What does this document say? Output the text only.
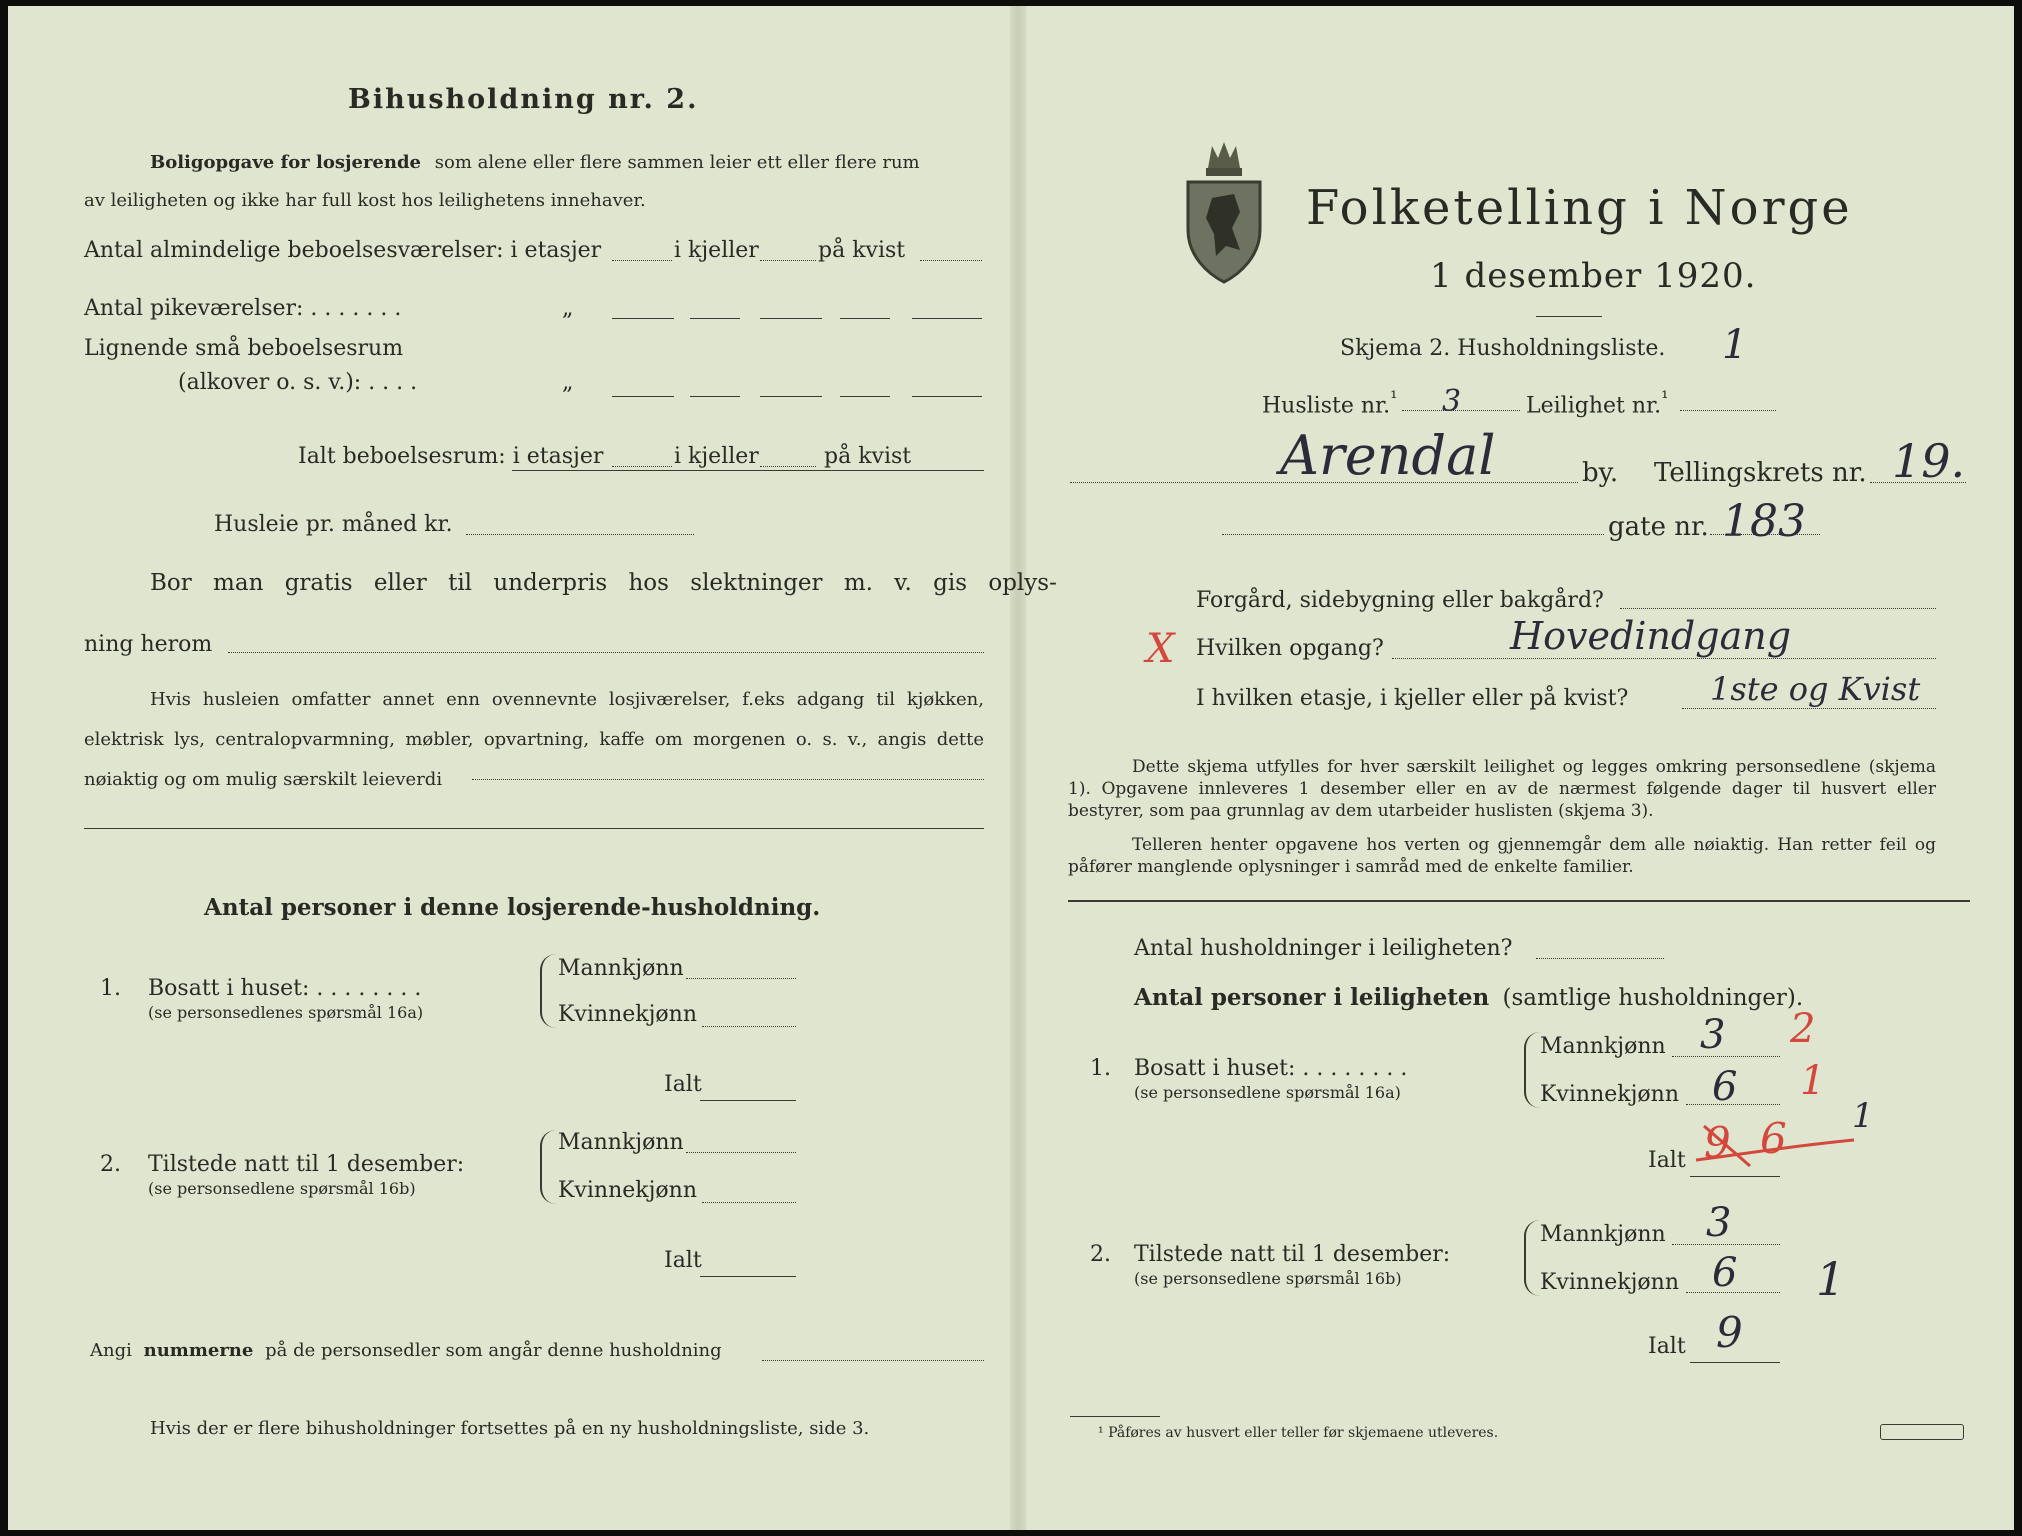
Bihusholdning nr. 2.
Boligopgave for losjerende som alene eller flere sammen leier ett eller flere rum
av leiligheten og ikke har full kost hos leilighetens innehaver.
Antal almindelige beboelsesværelser: i etasjer	i kjeller	på kvist
Antal pikeværelser: . . . . . . .	„
Lignende små beboelsesrum
(alkover o. s. v.): . . . .	„
Ialt beboelsesrum: i etasjer	i kjeller	på kvist
Husleie pr. måned kr.
Bor man gratis eller til underpris hos slektninger m. v. gis oplys-
ning herom
Hvis husleien omfatter annet enn ovennevnte losjiværelser, f.eks adgang til kjøkken, elektrisk lys, centralopvarmning, møbler, opvartning, kaffe om morgenen o. s. v., angis dette nøiaktig og om mulig særskilt leieverdi
Antal personer i denne losjerende-husholdning.
1. Bosatt i huset: . . . . . . . .
(se personsedlenes spørsmål 16a)
Mannkjønn
Kvinnekjønn
Ialt
2. Tilstede natt til 1 desember:
(se personsedlene spørsmål 16b)
Mannkjønn
Kvinnekjønn
Ialt
Angi nummerne på de personsedler som angår denne husholdning
Hvis der er flere bihusholdninger fortsettes på en ny husholdningsliste, side 3.
Folketelling i Norge
1 desember 1920.
Skjema 2. Husholdningsliste. 1
Husliste nr.$^{^1}$ 3	Leilighet nr.$^{^1}$
Arendal	by. Tellingskrets nr. 19.
gate nr. 183
Forgård, sidebygning eller bakgård?
X Hvilken opgang?	Hovedindgang
I hvilken etasje, i kjeller eller på kvist?	1ste og Kvist
Dette skjema utfylles for hver særskilt leilighet og legges omkring personsedlene (skjema 1). Opgavene innleveres 1 desember eller en av de nærmest følgende dager til husvert eller bestyrer, som paa grunnlag av dem utarbeider huslisten (skjema 3).
Telleren henter opgavene hos verten og gjennemgår dem alle nøiaktig. Han retter feil og påfører manglende oplysninger i samråd med de enkelte familier.
Antal husholdninger i leiligheten?
Antal personer i leiligheten (samtlige husholdninger).
1. Bosatt i huset: . . . . . . . .
(se personsedlene spørsmål 16a)
Mannkjønn 3 2
Kvinnekjønn 6 1
Ialt 9 6 1
2. Tilstede natt til 1 desember:
(se personsedlene spørsmål 16b)
Mannkjønn 3
Kvinnekjønn 6 1
Ialt 9
¹ Påføres av husvert eller teller før skjemaene utleveres.
